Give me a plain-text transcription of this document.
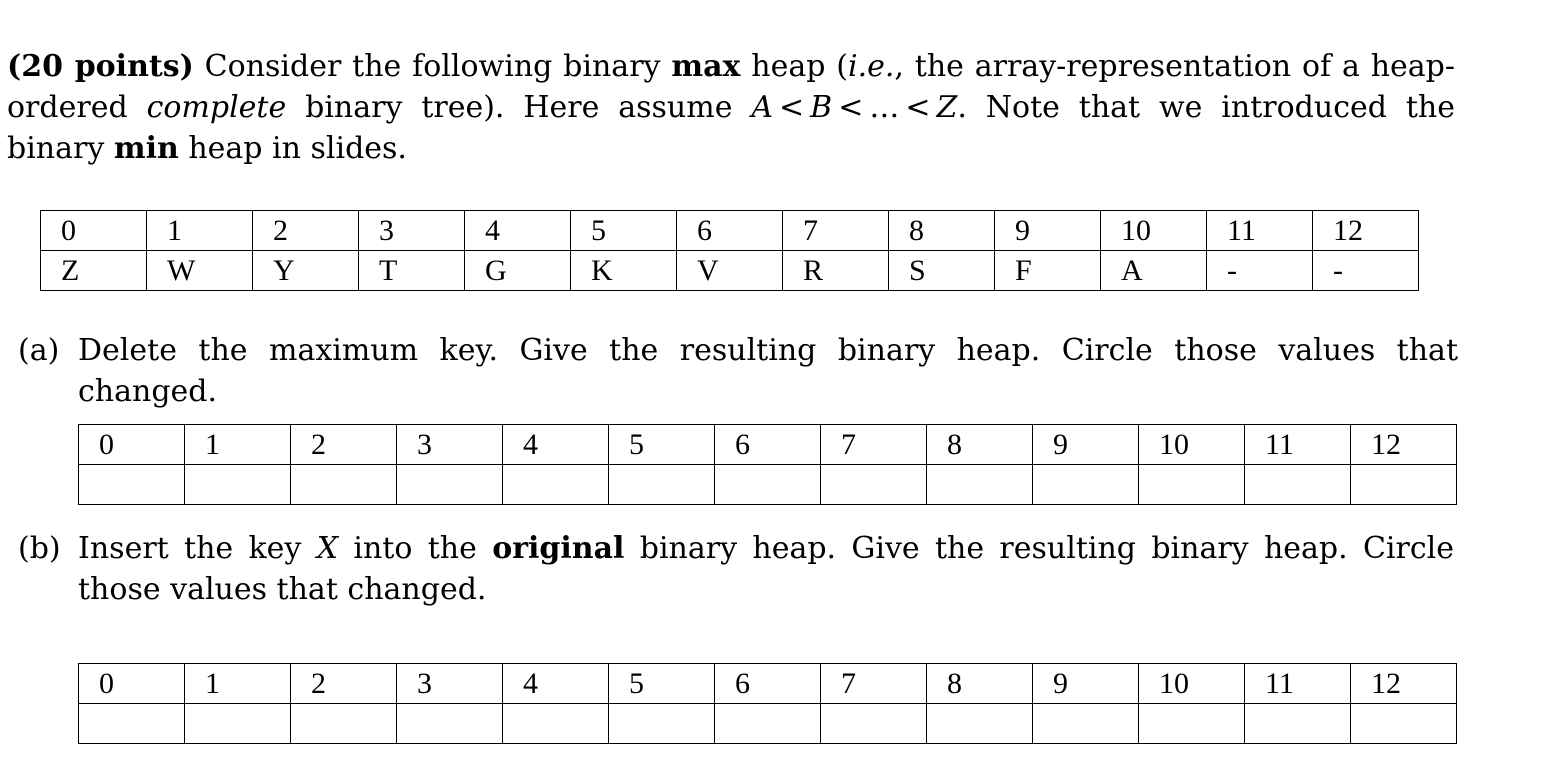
(20 points) Consider the following binary max heap (i.e., the array-representation of a heap-ordered complete binary tree). Here assume A < B < … < Z. Note that we introduced the binary min heap in slides.

0	1	2	3	4	5	6	7	8	9	10	11	12
Z	W	Y	T	G	K	V	R	S	F	A	-	-
(a) Delete the maximum key. Give the resulting binary heap. Circle those values that changed.
0	1	2	3	4	5	6	7	8	9	10	11	12

(b) Insert the key X into the original binary heap. Give the resulting binary heap. Circle those values that changed.
0	1	2	3	4	5	6	7	8	9	10	11	12
